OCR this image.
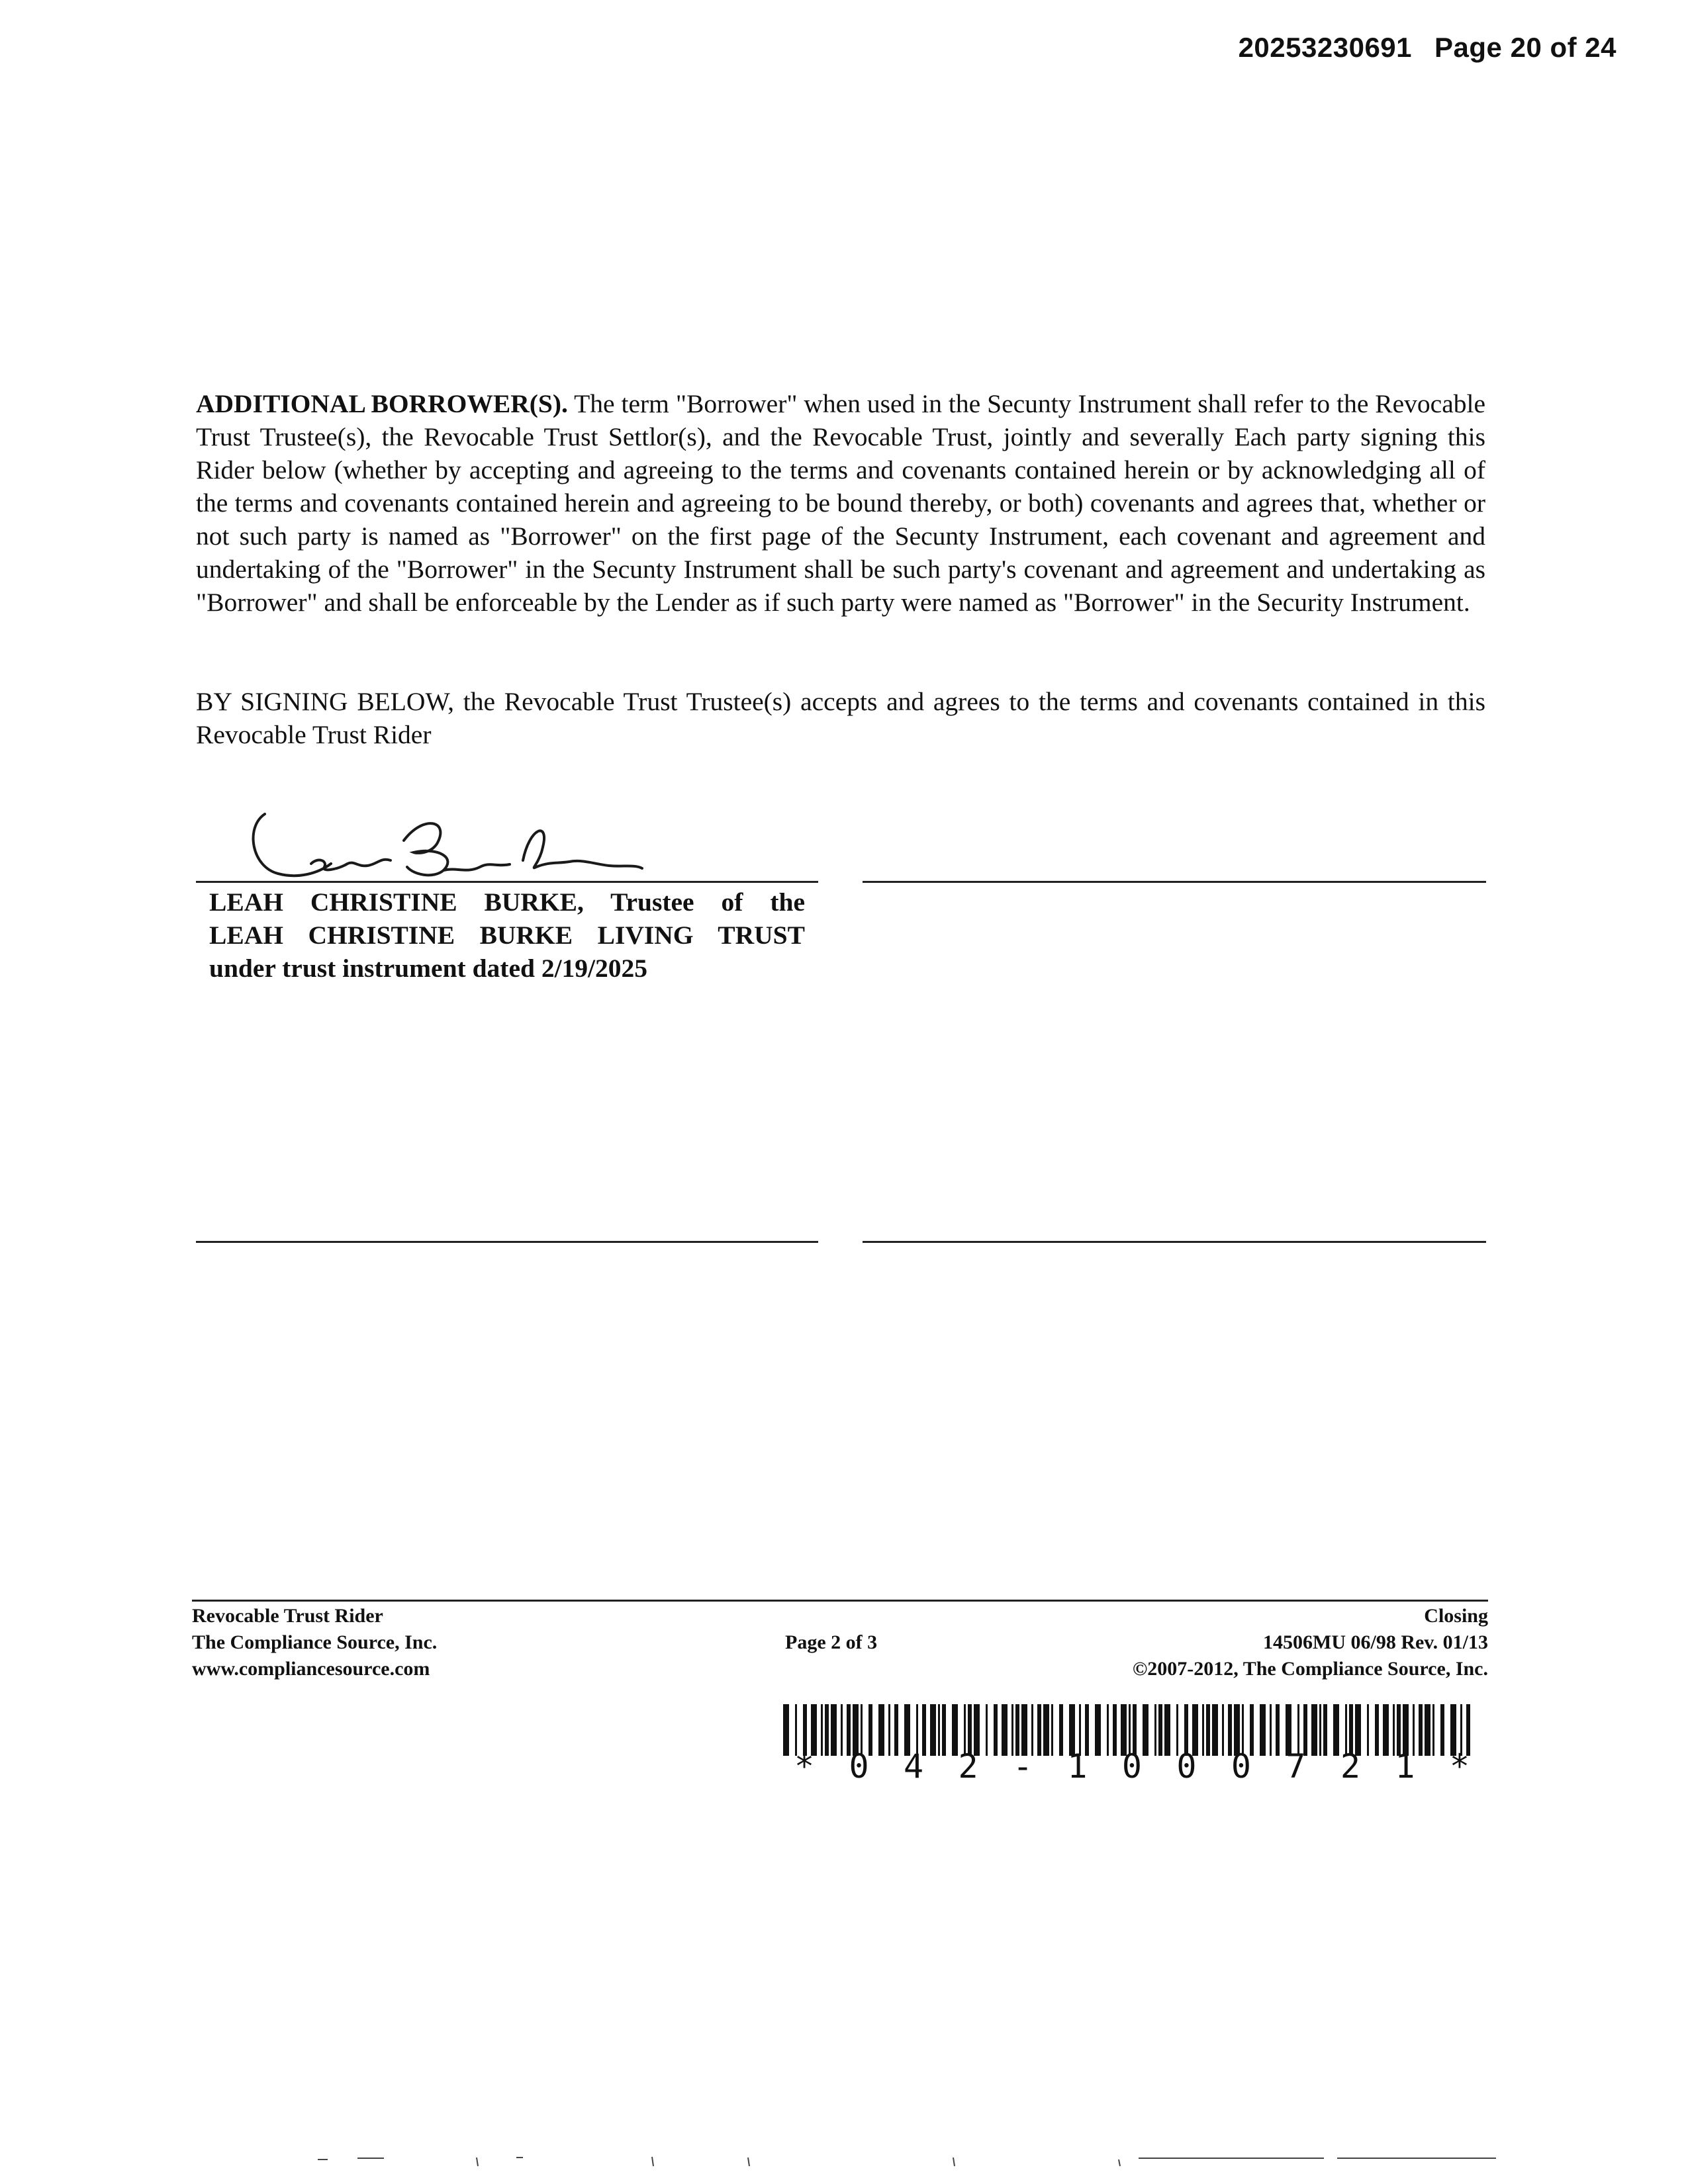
20253230691 Page 20 of 24

ADDITIONAL BORROWER(S). The term "Borrower" when used in the Secunty Instrument shall refer to the Revocable Trust Trustee(s), the Revocable Trust Settlor(s), and the Revocable Trust, jointly and severally Each party signing this Rider below (whether by accepting and agreeing to the terms and covenants contained herein or by acknowledging all of the terms and covenants contained herein and agreeing to be bound thereby, or both) covenants and agrees that, whether or not such party is named as "Borrower" on the first page of the Secunty Instrument, each covenant and agreement and undertaking of the "Borrower" in the Secunty Instrument shall be such party's covenant and agreement and undertaking as "Borrower" and shall be enforceable by the Lender as if such party were named as "Borrower" in the Security Instrument.

BY SIGNING BELOW, the Revocable Trust Trustee(s) accepts and agrees to the terms and covenants contained in this Revocable Trust Rider

LEAH CHRISTINE BURKE, Trustee of the
LEAH CHRISTINE BURKE LIVING TRUST
under trust instrument dated 2/19/2025
Revocable Trust Rider
The Compliance Source, Inc.
www.compliancesource.com
Page 2 of 3
Closing
14506MU 06/98 Rev. 01/13
©2007-2012, The Compliance Source, Inc.
* 0 4 2 - 1 0 0 0 7 2 1 *
